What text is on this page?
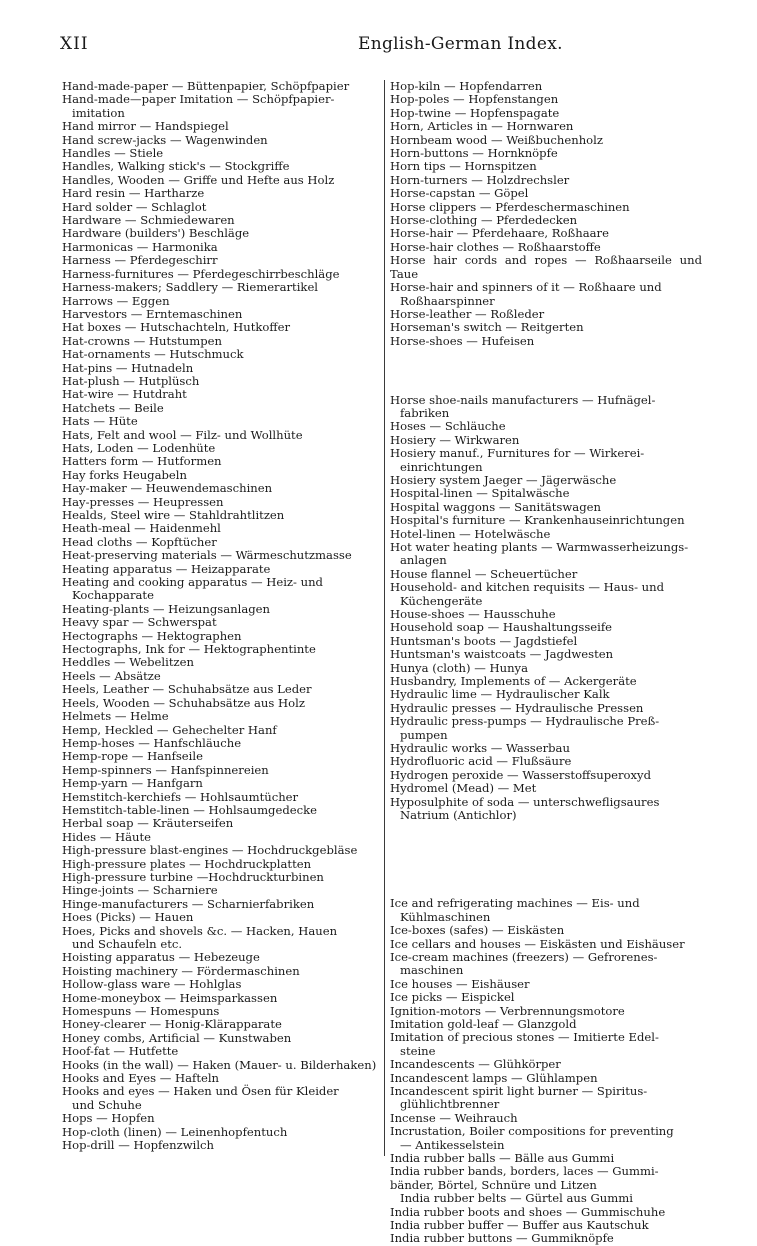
XII	English-German Index.

Hand-made-paper — Büttenpapier, Schöpfpapier

Hand-made—paper Imitation — Schöpfpapier-

imitation

Hand mirror — Handspiegel

Hand screw-jacks — Wagenwinden

Handles — Stiele

Handles, Walking stick's — Stockgriffe

Handles, Wooden — Griffe und Hefte aus Holz

Hard resin — Hartharze

Hard solder — Schlaglot

Hardware — Schmiedewaren

Hardware (builders') Beschläge

Harmonicas — Harmonika

Harness — Pferdegeschirr

Harness-furnitures — Pferdegeschirrbeschläge

Harness-makers; Saddlery — Riemerartikel

Harrows — Eggen

Harvestors — Erntemaschinen

Hat boxes — Hutschachteln, Hutkoffer

Hat-crowns — Hutstumpen

Hat-ornaments — Hutschmuck

Hat-pins — Hutnadeln

Hat-plush — Hutplüsch

Hat-wire — Hutdraht

Hatchets — Beile

Hats — Hüte

Hats, Felt and wool — Filz- und Wollhüte

Hats, Loden — Lodenhüte

Hatters form — Hutformen

Hay forks Heugabeln

Hay-maker — Heuwendemaschinen

Hay-presses — Heupressen

Healds, Steel wire — Stahldrahtlitzen

Heath-meal — Haidenmehl

Head cloths — Kopftücher

Heat-preserving materials — Wärmeschutzmasse

Heating apparatus — Heizapparate

Heating and cooking apparatus — Heiz- und

Kochapparate

Heating-plants — Heizungsanlagen

Heavy spar — Schwerspat

Hectographs — Hektographen

Hectographs, Ink for — Hektographentinte

Heddles — Webelitzen

Heels — Absätze

Heels, Leather — Schuhabsätze aus Leder

Heels, Wooden — Schuhabsätze aus Holz

Helmets — Helme

Hemp, Heckled — Gehechelter Hanf

Hemp-hoses — Hanfschläuche

Hemp-rope — Hanfseile

Hemp-spinners — Hanfspinnereien

Hemp-yarn — Hanfgarn

Hemstitch-kerchiefs — Hohlsaumtücher

Hemstitch-table-linen — Hohlsaumgedecke

Herbal soap — Kräuterseifen

Hides — Häute

High-pressure blast-engines — Hochdruckgebläse

High-pressure plates — Hochdruckplatten

High-pressure turbine —Hochdruckturbinen

Hinge-joints — Scharniere

Hinge-manufacturers — Scharnierfabriken

Hoes (Picks) — Hauen

Hoes, Picks and shovels &c. — Hacken, Hauen

und Schaufeln etc.

Hoisting apparatus — Hebezeuge

Hoisting machinery — Fördermaschinen

Hollow-glass ware — Hohlglas

Home-moneybox — Heimsparkassen

Homespuns — Homespuns

Honey-clearer — Honig-Klärapparate

Honey combs, Artificial — Kunstwaben

Hoof-fat — Hutfette

Hooks (in the wall) — Haken (Mauer- u. Bilderhaken)

Hooks and Eyes — Hafteln

Hooks and eyes — Haken und Ösen für Kleider

und Schuhe

Hops — Hopfen

Hop-cloth (linen) — Leinenhopfentuch

Hop-drill — Hopfenzwilch

Hop-kiln — Hopfendarren

Hop-poles — Hopfenstangen

Hop-twine — Hopfenspagate

Horn, Articles in — Hornwaren

Hornbeam wood — Weißbuchenholz

Horn-buttons — Hornknöpfe

Horn tips — Hornspitzen

Horn-turners — Holzdrechsler

Horse-capstan — Göpel

Horse clippers — Pferdeschermaschinen

Horse-clothing — Pferdedecken

Horse-hair — Pferdehaare, Roßhaare

Horse-hair clothes — Roßhaarstoffe

Horse hair cords and ropes — Roßhaarseile und Taue

Horse-hair and spinners of it — Roßhaare und

Roßhaarspinner

Horse-leather — Roßleder

Horseman's switch — Reitgerten

Horse-shoes — Hufeisen

Horse shoe-nails manufacturers — Hufnägel-

fabriken

Hoses — Schläuche

Hosiery — Wirkwaren

Hosiery manuf., Furnitures for — Wirkerei-

einrichtungen

Hosiery system Jaeger — Jägerwäsche

Hospital-linen — Spitalwäsche

Hospital waggons — Sanitätswagen

Hospital's furniture — Krankenhauseinrichtungen

Hotel-linen — Hotelwäsche

Hot water heating plants — Warmwasserheizungs-

anlagen

House flannel — Scheuertücher

Household- and kitchen requisits — Haus- und

Küchengeräte

House-shoes — Hausschuhe

Household soap — Haushaltungsseife

Huntsman's boots — Jagdstiefel

Huntsman's waistcoats — Jagdwesten

Hunya (cloth) — Hunya

Husbandry, Implements of — Ackergeräte

Hydraulic lime — Hydraulischer Kalk

Hydraulic presses — Hydraulische Pressen

Hydraulic press-pumps — Hydraulische Preß-

pumpen

Hydraulic works — Wasserbau

Hydrofluoric acid — Flußsäure

Hydrogen peroxide — Wasserstoffsuperoxyd

Hydromel (Mead) — Met

Hyposulphite of soda — unterschwefligsaures

Natrium (Antichlor)

Ice and refrigerating machines — Eis- und

Kühlmaschinen

Ice-boxes (safes) — Eiskästen

Ice cellars and houses — Eiskästen und Eishäuser

Ice-cream machines (freezers) — Gefrorenes-

maschinen

Ice houses — Eishäuser

Ice picks — Eispickel

Ignition-motors — Verbrennungsmotore

Imitation gold-leaf — Glanzgold

Imitation of precious stones — Imitierte Edel-

steine

Incandescents — Glühkörper

Incandescent lamps — Glühlampen

Incandescent spirit light burner — Spiritus-

glühlichtbrenner

Incense — Weihrauch

Incrustation, Boiler compositions for preventing

— Antikesselstein

India rubber balls — Bälle aus Gummi

India rubber bands, borders, laces — Gummi-

bänder, Börtel, Schnüre und Litzen

India rubber belts — Gürtel aus Gummi

India rubber boots and shoes — Gummischuhe

India rubber buffer — Buffer aus Kautschuk

India rubber buttons — Gummiknöpfe
